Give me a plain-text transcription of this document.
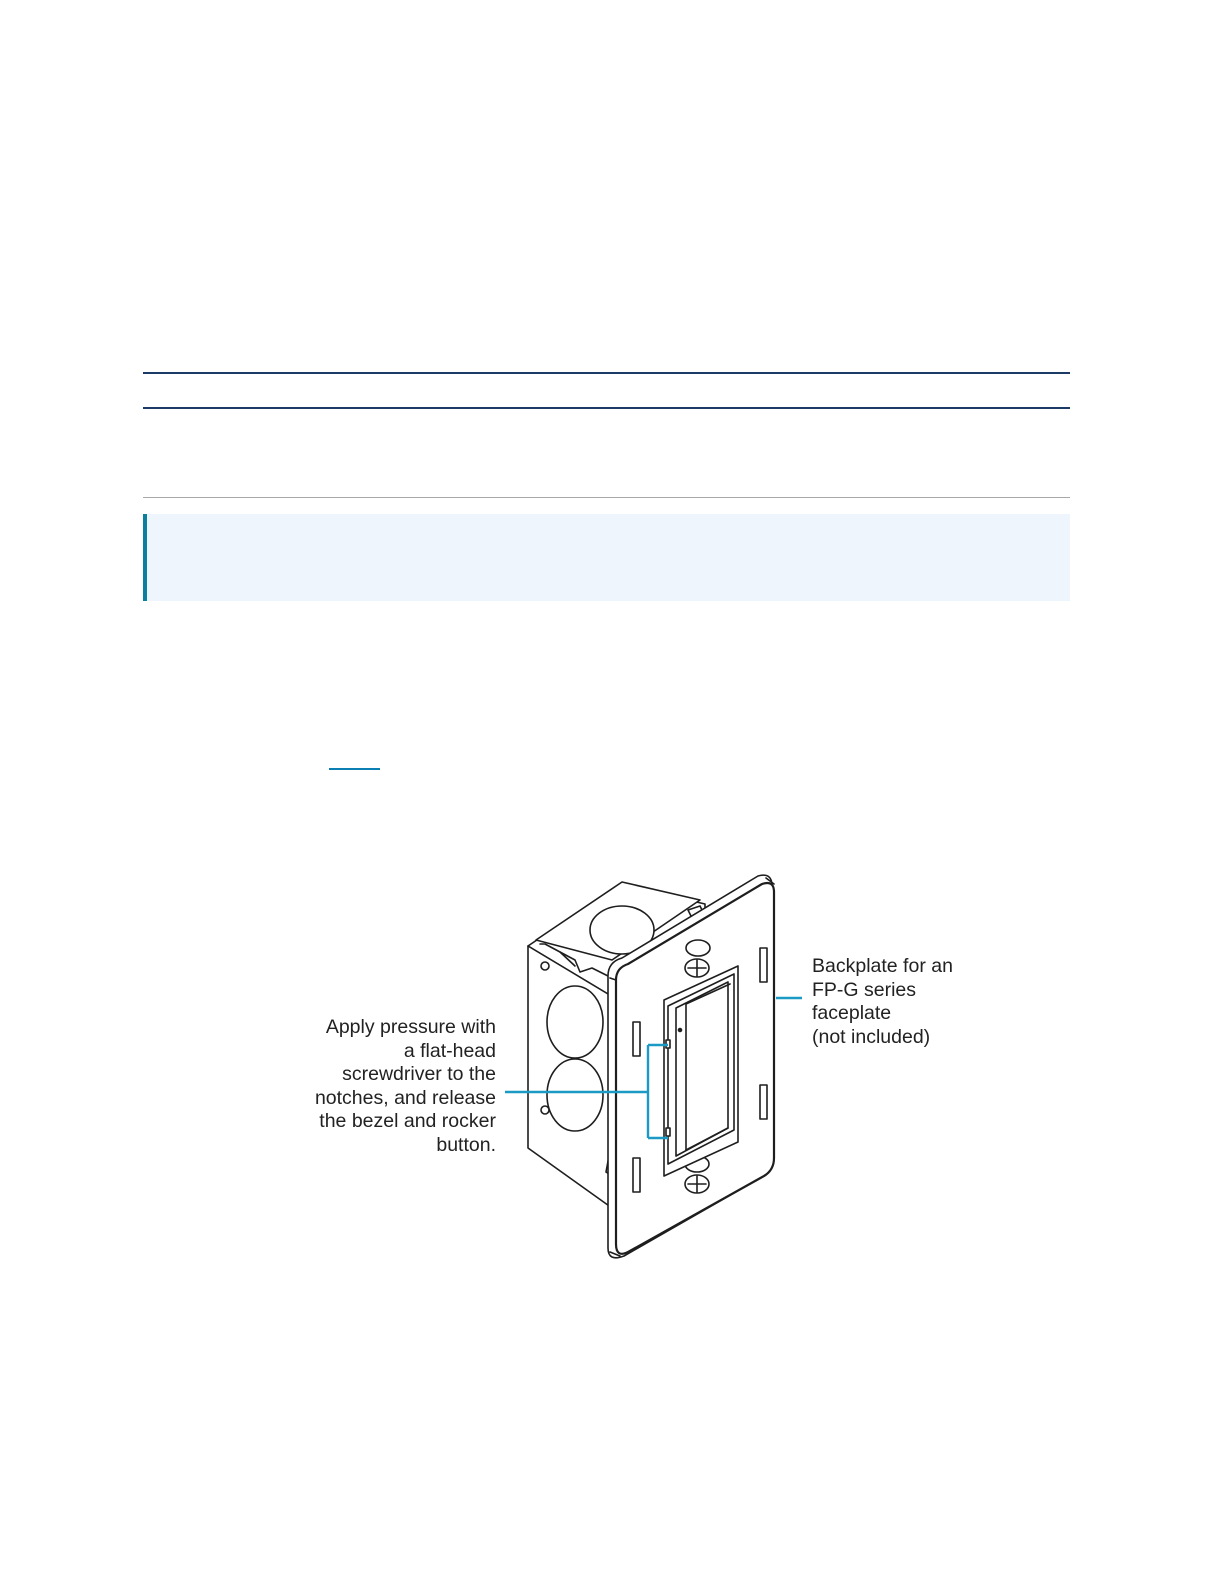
Apply pressure with
a flat-head
screwdriver to the
notches, and release
the bezel and rocker
button.
Backplate for an
FP-G series
faceplate
(not included)
